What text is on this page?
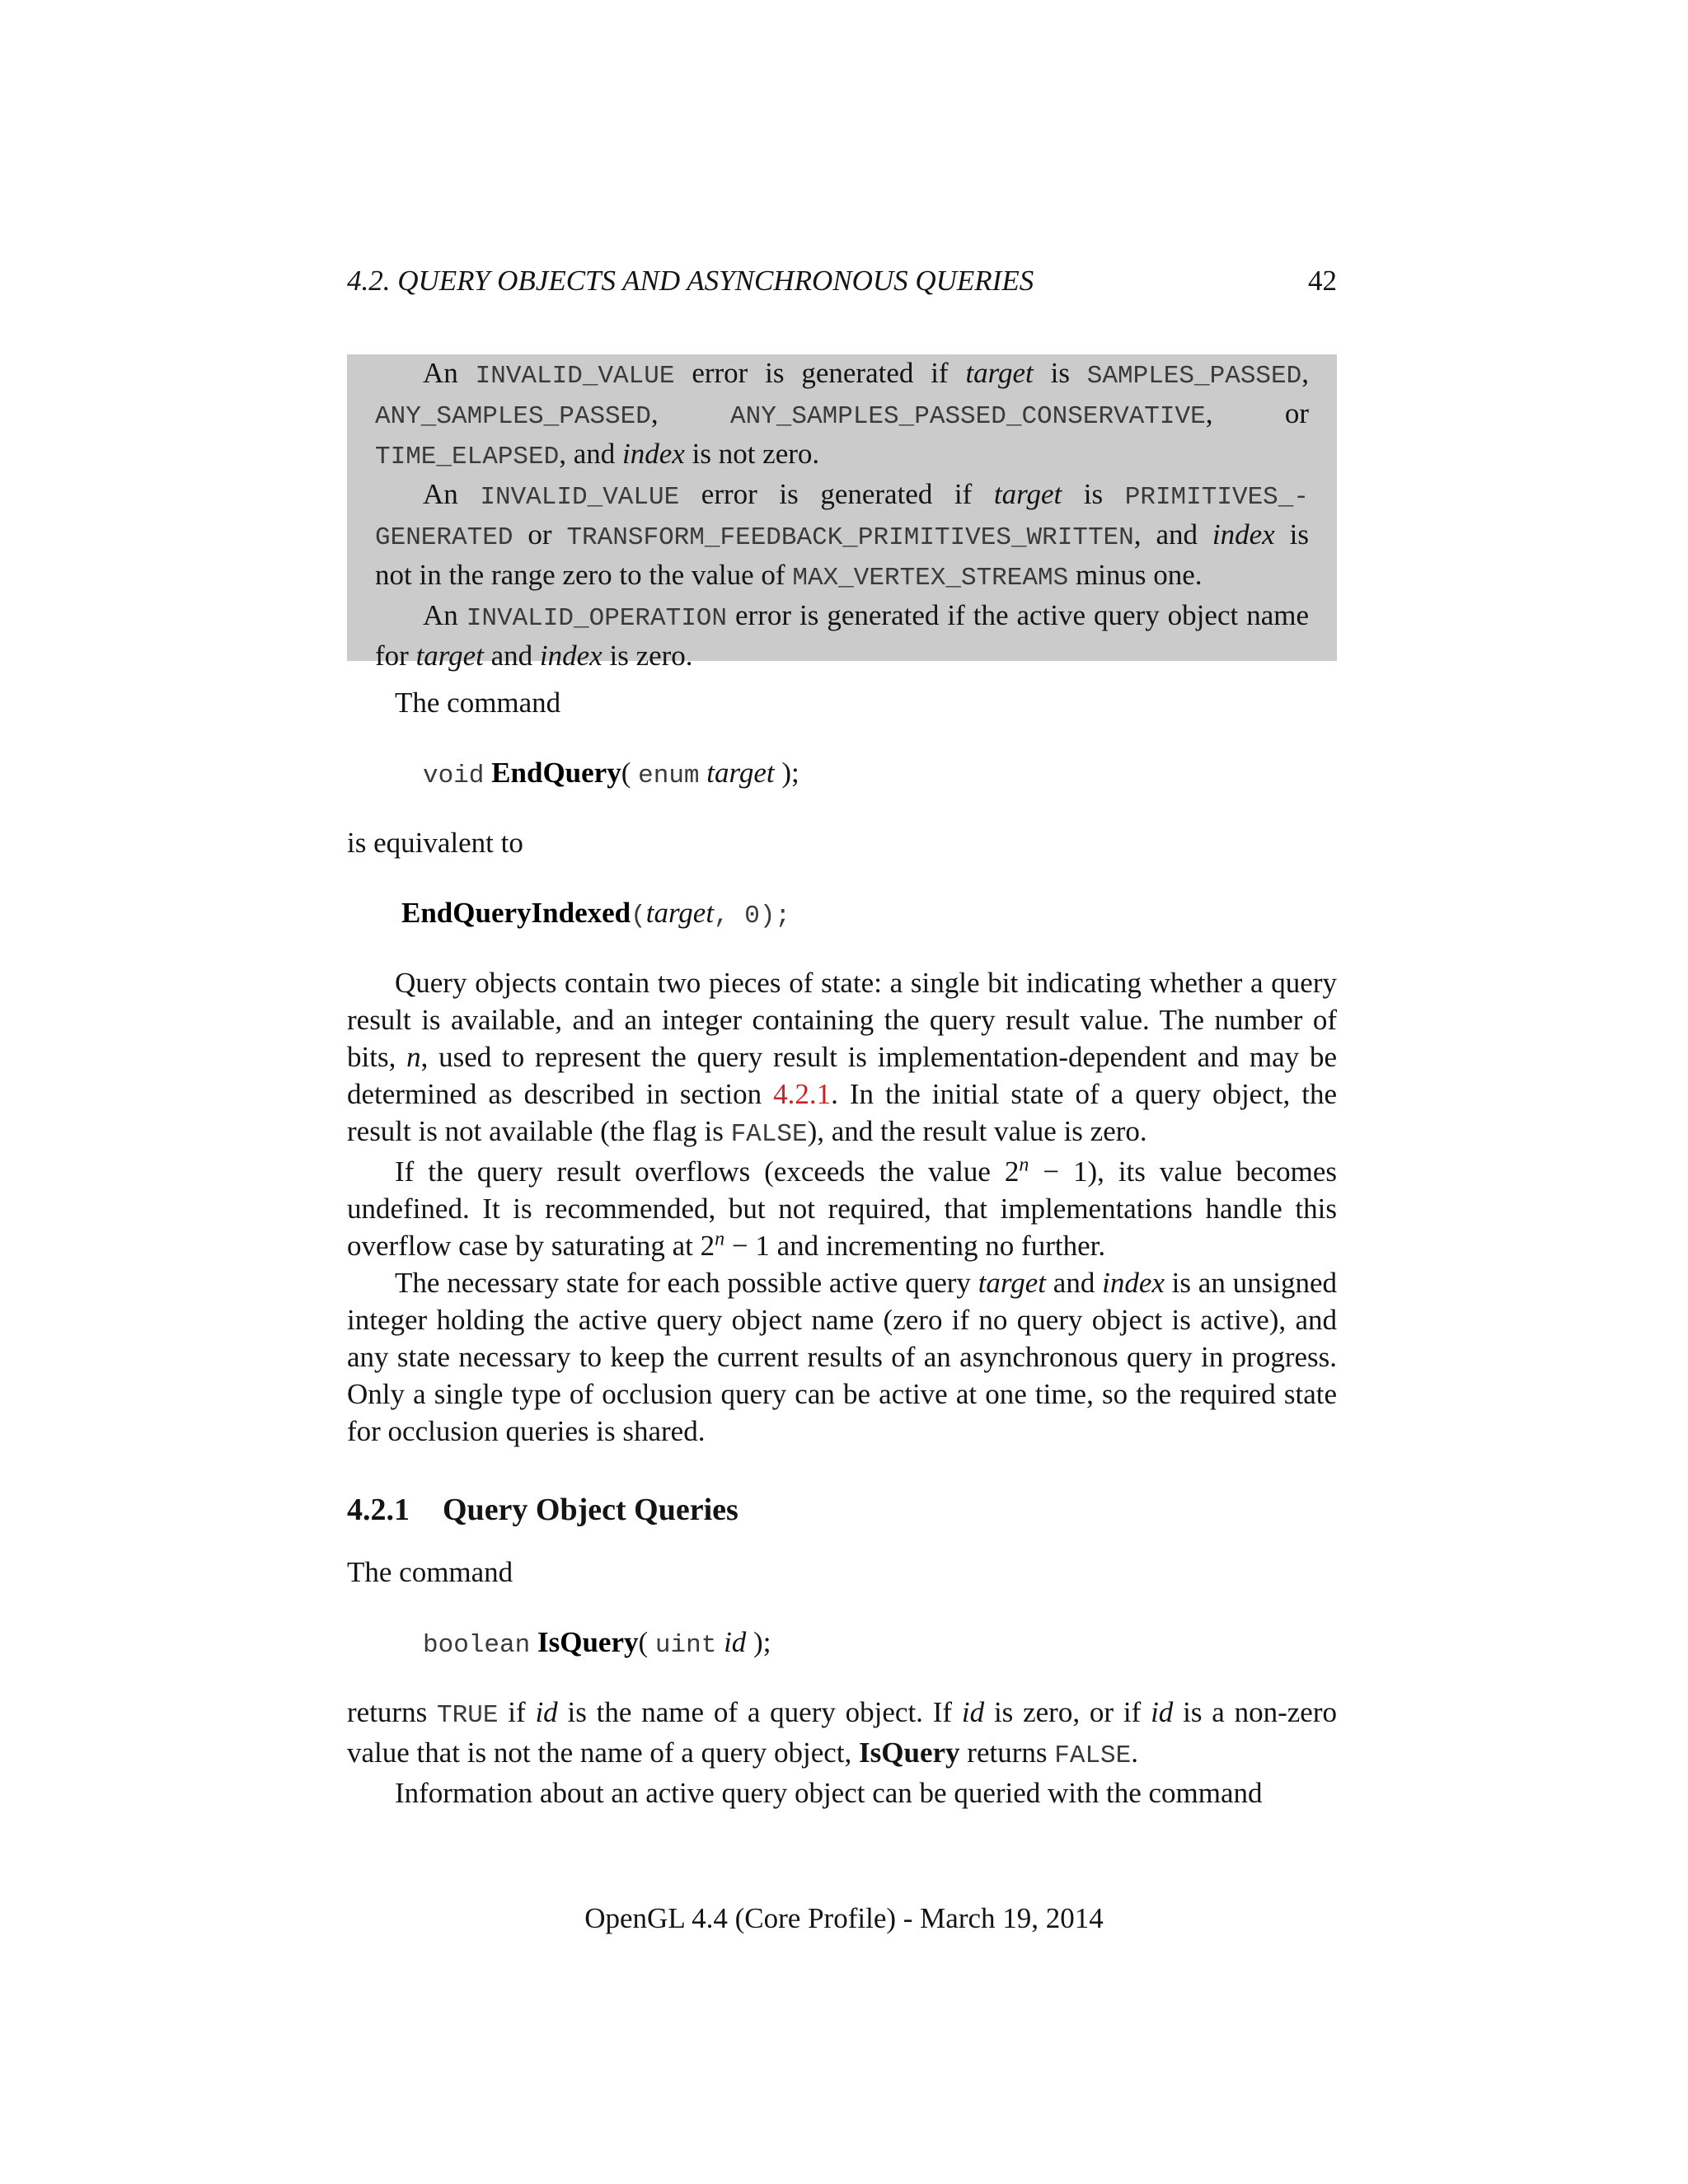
4.2. QUERY OBJECTS AND ASYNCHRONOUS QUERIES	42

An INVALID_VALUE error is generated if target is SAMPLES_PASSED, ANY_SAMPLES_PASSED, ANY_SAMPLES_PASSED_CONSERVATIVE, or TIME_ELAPSED, and index is not zero.

An INVALID_VALUE error is generated if target is PRIMITIVES_-GENERATED or TRANSFORM_FEEDBACK_PRIMITIVES_WRITTEN, and index is not in the range zero to the value of MAX_VERTEX_STREAMS minus one.

An INVALID_OPERATION error is generated if the active query object name for target and index is zero.

The command
void EndQuery( enum target );
is equivalent to
EndQueryIndexed(target, 0);

Query objects contain two pieces of state: a single bit indicating whether a query result is available, and an integer containing the query result value. The number of bits, n, used to represent the query result is implementation-dependent and may be determined as described in section 4.2.1. In the initial state of a query object, the result is not available (the flag is FALSE), and the result value is zero.

If the query result overflows (exceeds the value $2^n - 1$), its value becomes undefined. It is recommended, but not required, that implementations handle this overflow case by saturating at $2^n - 1$ and incrementing no further.

The necessary state for each possible active query target and index is an unsigned integer holding the active query object name (zero if no query object is active), and any state necessary to keep the current results of an asynchronous query in progress. Only a single type of occlusion query can be active at one time, so the required state for occlusion queries is shared.

4.2.1 Query Object Queries
The command
boolean IsQuery( uint id );

returns TRUE if id is the name of a query object. If id is zero, or if id is a non-zero value that is not the name of a query object, IsQuery returns FALSE.

Information about an active query object can be queried with the command

OpenGL 4.4 (Core Profile) - March 19, 2014
